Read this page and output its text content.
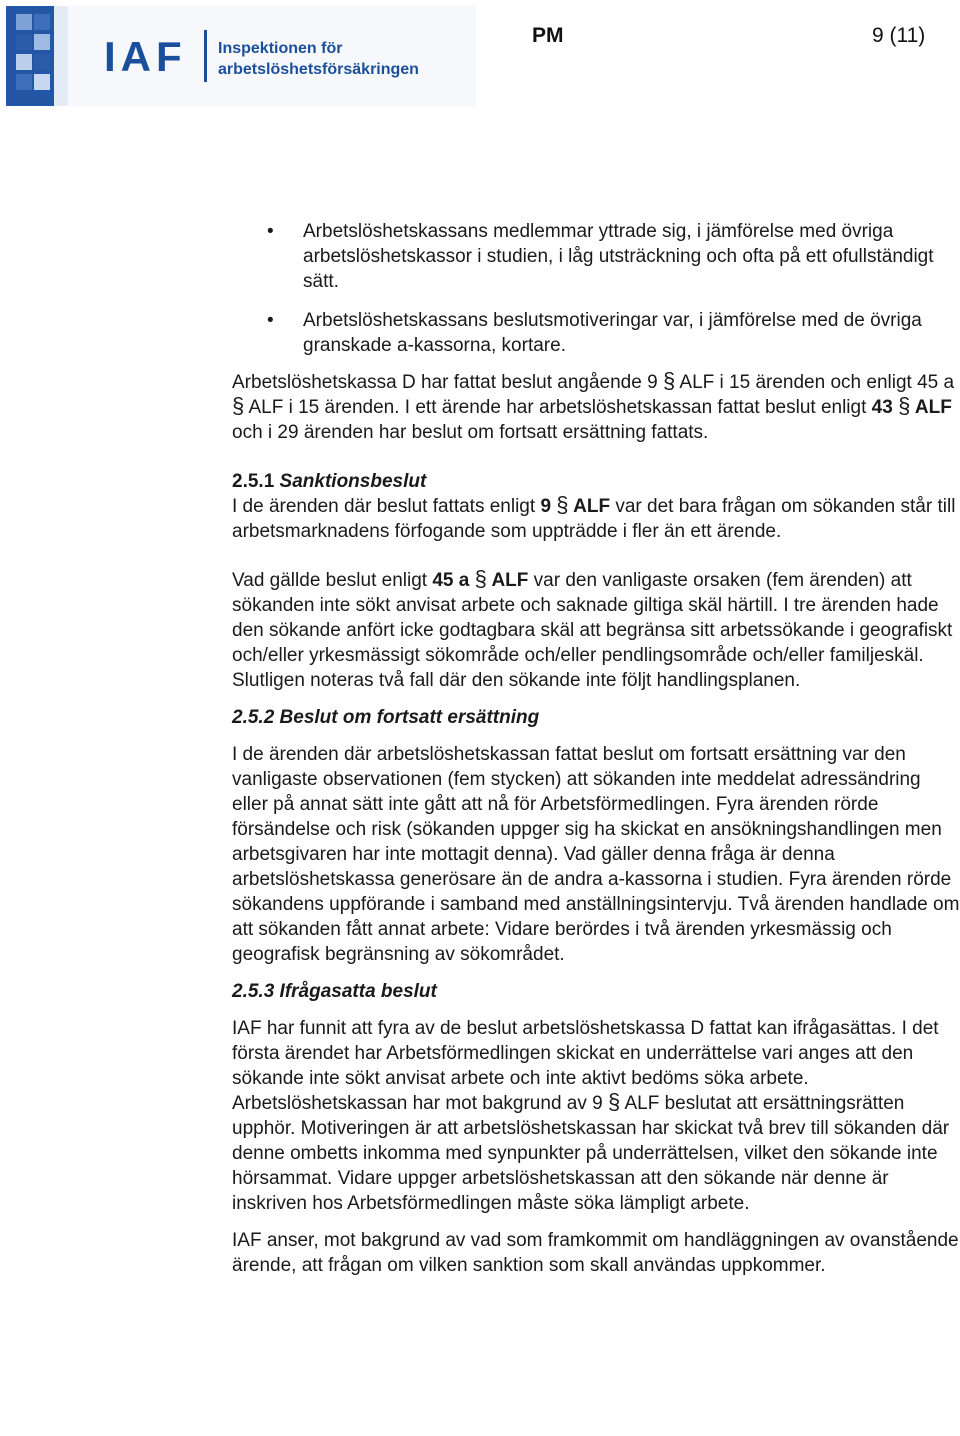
IAF Inspektionen för
arbetslöshetsförsäkringen
PM	9 (11)
• Arbetslöshetskassans medlemmar yttrade sig, i jämförelse med övriga arbetslöshetskassor i studien, i låg utsträckning och ofta på ett ofullständigt sätt.
• Arbetslöshetskassans beslutsmotiveringar var, i jämförelse med de övriga granskade a-kassorna, kortare.

Arbetslöshetskassa D har fattat beslut angående 9 § ALF i 15 ärenden och enligt 45 a § ALF i 15 ärenden. I ett ärende har arbetslöshetskassan fattat beslut enligt 43 § ALF och i 29 ärenden har beslut om fortsatt ersättning fattats.

2.5.1 Sanktionsbeslut

I de ärenden där beslut fattats enligt 9 § ALF var det bara frågan om sökanden står till arbetsmarknadens förfogande som uppträdde i fler än ett ärende.

Vad gällde beslut enligt 45 a § ALF var den vanligaste orsaken (fem ärenden) att sökanden inte sökt anvisat arbete och saknade giltiga skäl härtill. I tre ärenden hade den sökande anfört icke godtagbara skäl att begränsa sitt arbetssökande i geografiskt och/eller yrkesmässigt sökområde och/eller pendlingsområde och/eller familjeskäl. Slutligen noteras två fall där den sökande inte följt handlingsplanen.

2.5.2 Beslut om fortsatt ersättning

I de ärenden där arbetslöshetskassan fattat beslut om fortsatt ersättning var den vanligaste observationen (fem stycken) att sökanden inte meddelat adressändring eller på annat sätt inte gått att nå för Arbetsförmedlingen. Fyra ärenden rörde försändelse och risk (sökanden uppger sig ha skickat en ansökningshandlingen men arbetsgivaren har inte mottagit denna). Vad gäller denna fråga är denna arbetslöshetskassa generösare än de andra a-kassorna i studien. Fyra ärenden rörde sökandens uppförande i samband med anställningsintervju. Två ärenden handlade om att sökanden fått annat arbete: Vidare berördes i två ärenden yrkesmässig och geografisk begränsning av sökområdet.

2.5.3 Ifrågasatta beslut

IAF har funnit att fyra av de beslut arbetslöshetskassa D fattat kan ifrågasättas. I det första ärendet har Arbetsförmedlingen skickat en underrättelse vari anges att den sökande inte sökt anvisat arbete och inte aktivt bedöms söka arbete. Arbetslöshetskassan har mot bakgrund av 9 § ALF beslutat att ersättningsrätten upphör. Motiveringen är att arbetslöshetskassan har skickat två brev till sökanden där denne ombetts inkomma med synpunkter på underrättelsen, vilket den sökande inte hörsammat. Vidare uppger arbetslöshetskassan att den sökande när denne är inskriven hos Arbetsförmedlingen måste söka lämpligt arbete.

IAF anser, mot bakgrund av vad som framkommit om handläggningen av ovanstående ärende, att frågan om vilken sanktion som skall användas uppkommer.
